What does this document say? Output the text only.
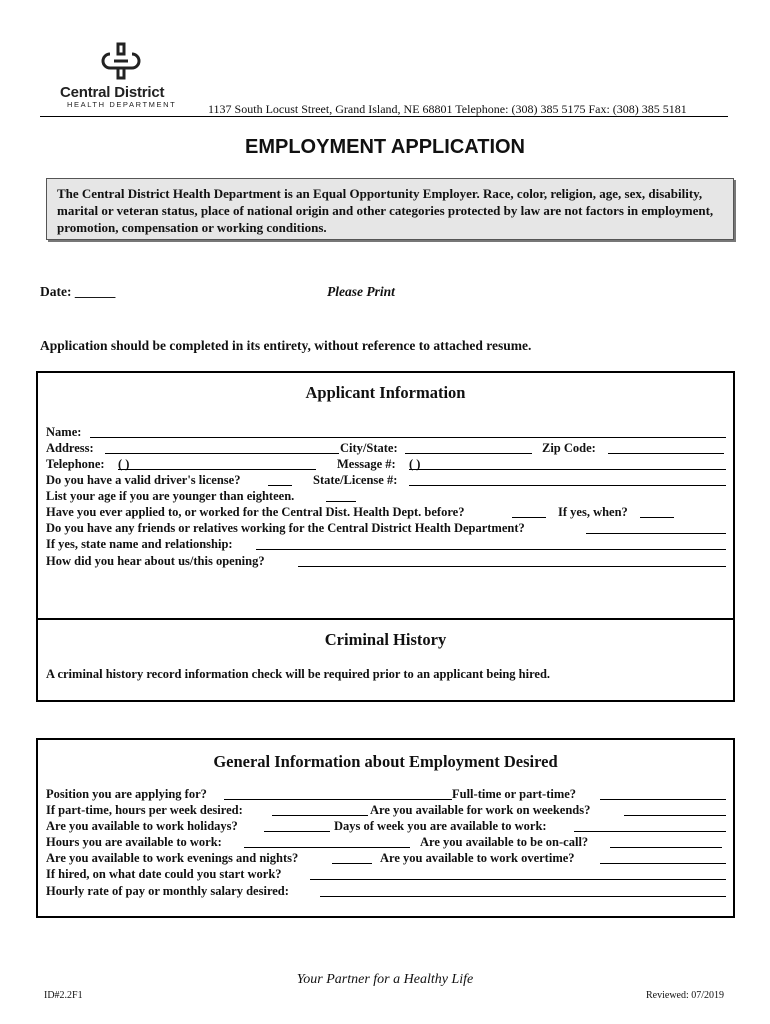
Central District
HEALTH DEPARTMENT	1137 South Locust Street, Grand Island, NE 68801 Telephone: (308) 385 5175 Fax: (308) 385 5181
EMPLOYMENT APPLICATION
The Central District Health Department is an Equal Opportunity Employer. Race, color, religion, age, sex, disability, marital or veteran status, place of national origin and other categories protected by law are not factors in employment, promotion, compensation or working conditions.
Date: ______	Please Print
Application should be completed in its entirety, without reference to attached resume.
Applicant Information
Name:
Address:	City/State:	Zip Code:
Telephone: ( )	Message #: ( )
Do you have a valid driver's license?	State/License #:
List your age if you are younger than eighteen.
Have you ever applied to, or worked for the Central Dist. Health Dept. before?	If yes, when?
Do you have any friends or relatives working for the Central District Health Department?
If yes, state name and relationship:
How did you hear about us/this opening?
Criminal History
A criminal history record information check will be required prior to an applicant being hired.
General Information about Employment Desired
Position you are applying for?	Full-time or part-time?
If part-time, hours per week desired:	Are you available for work on weekends?
Are you available to work holidays?	Days of week you are available to work:
Hours you are available to work:	Are you available to be on-call?
Are you available to work evenings and nights?	Are you available to work overtime?
If hired, on what date could you start work?
Hourly rate of pay or monthly salary desired:
Your Partner for a Healthy Life
ID#2.2F1	Reviewed: 07/2019
